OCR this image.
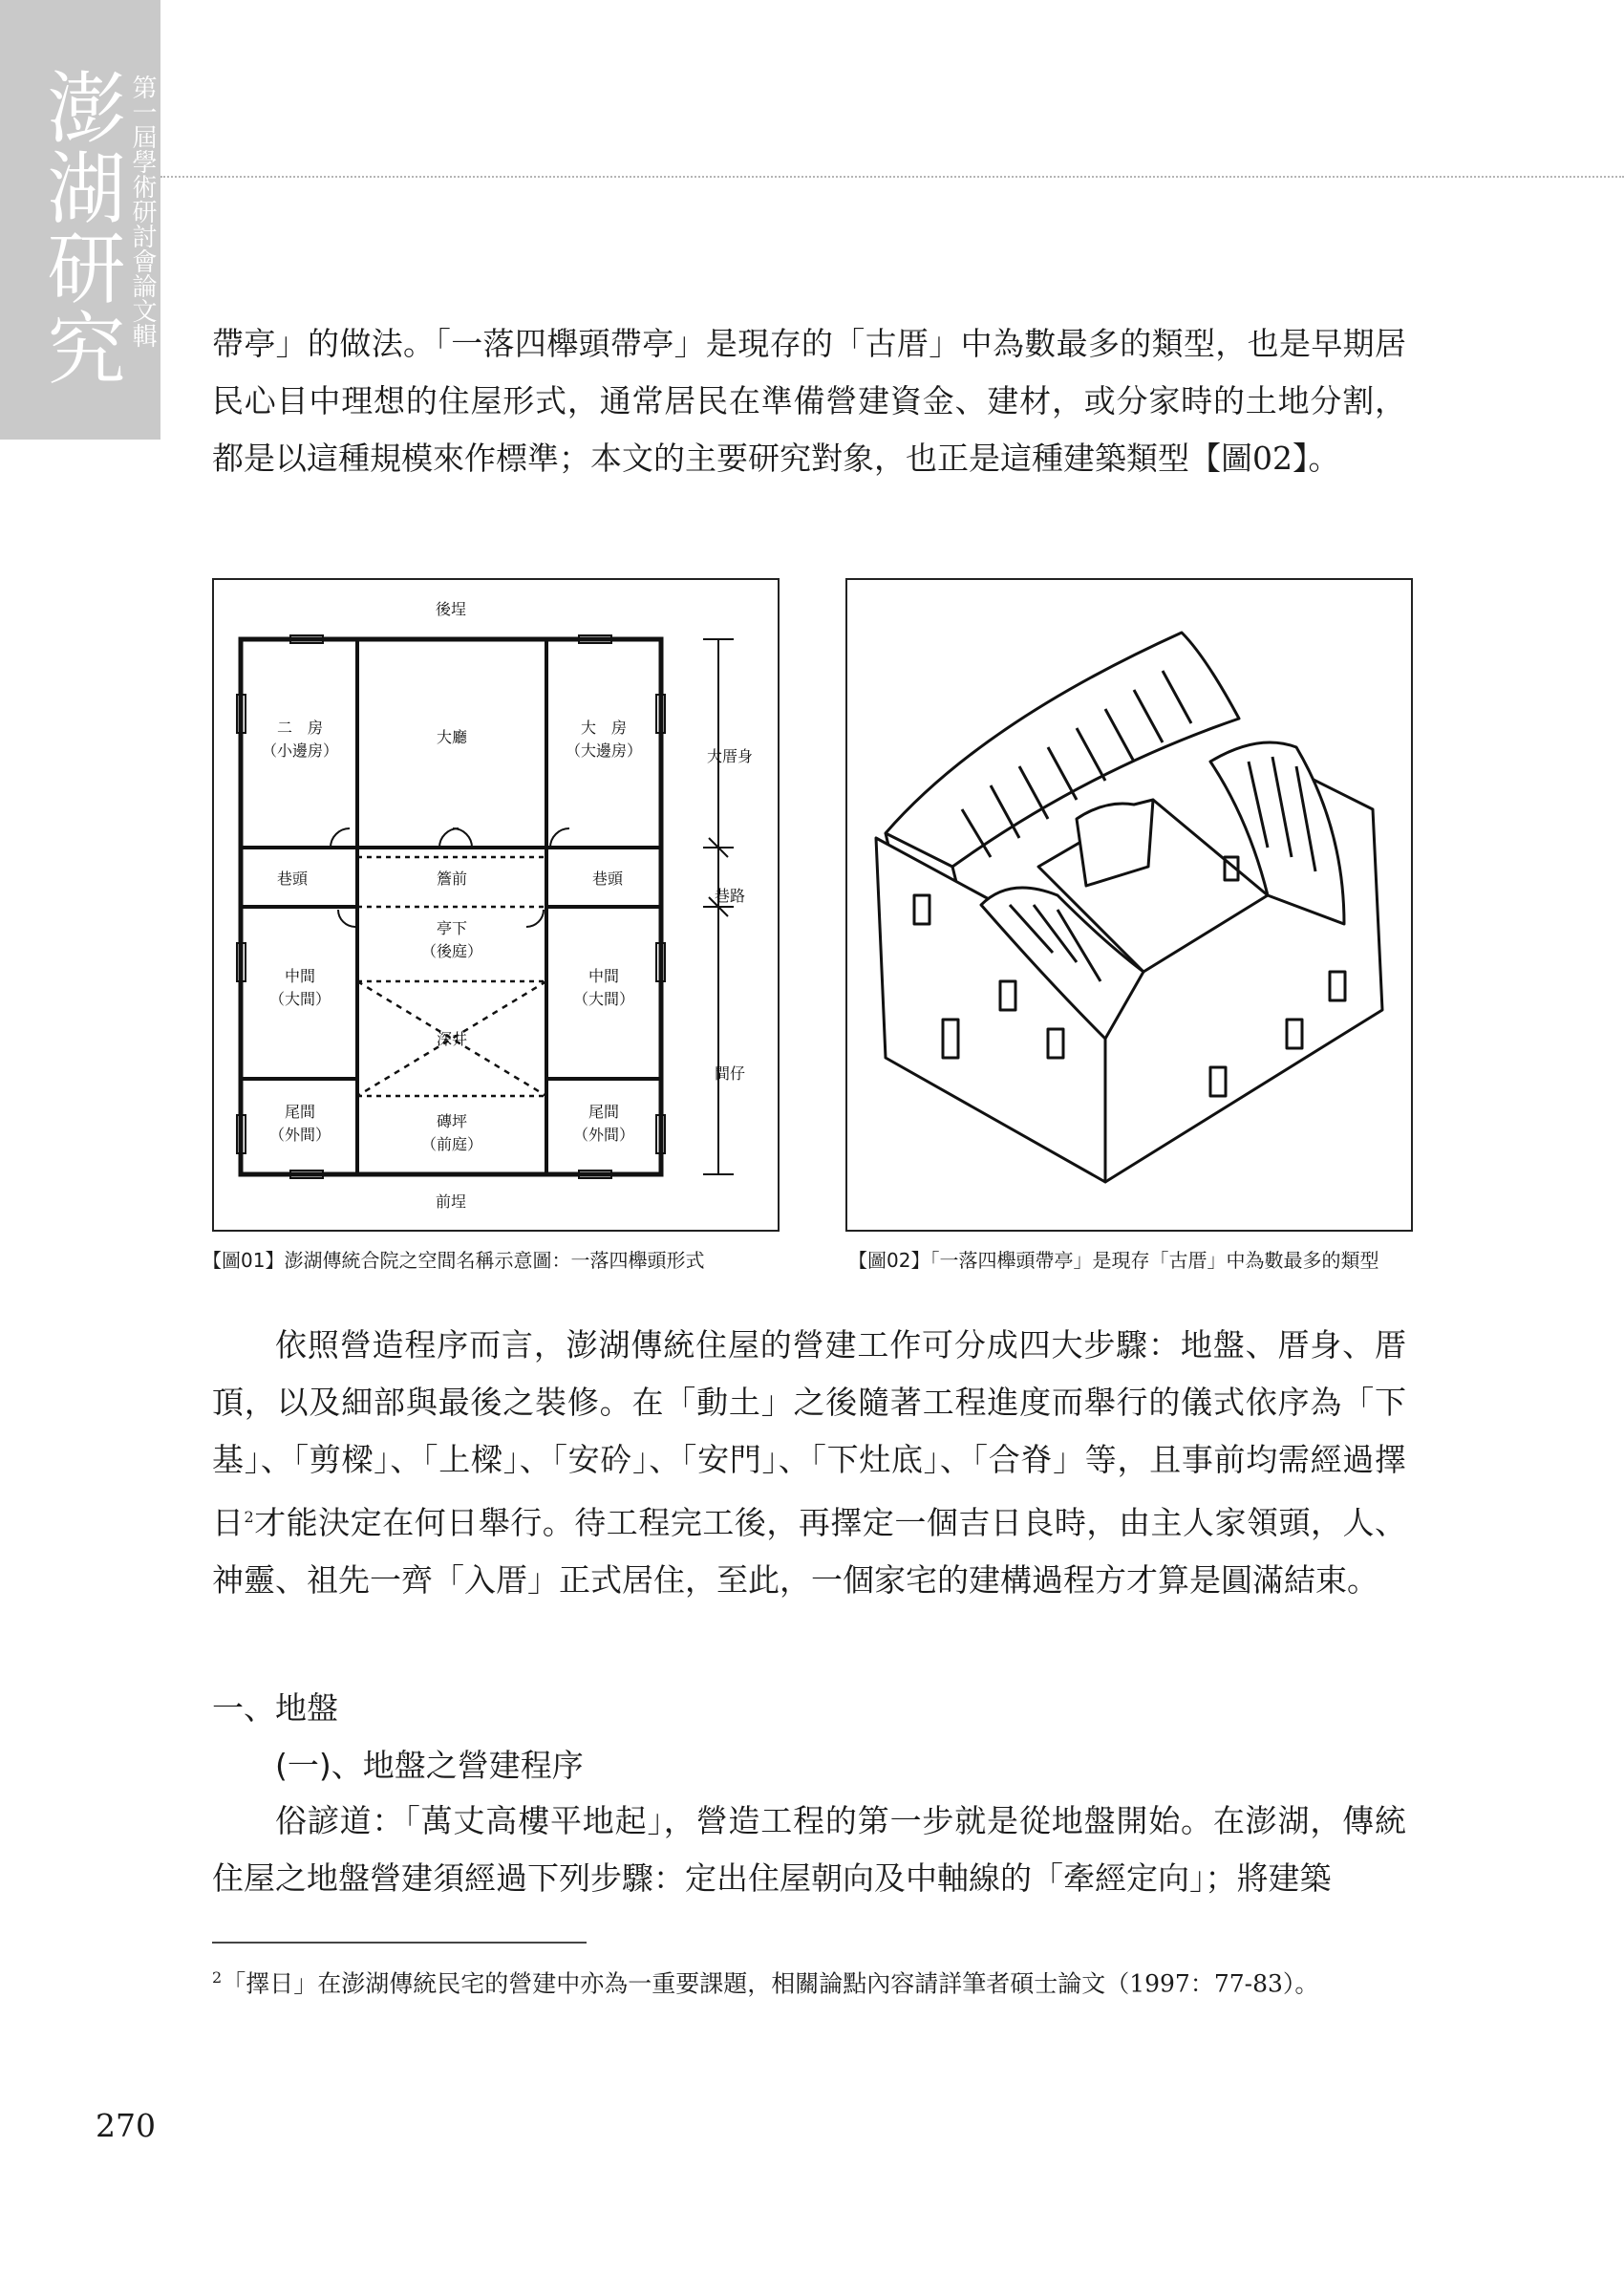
澎湖研究 第一屆學術研討會論文輯 帶亭」的做法。「一落四櫸頭帶亭」是現存的「古厝」中為數最多的類型，也是早期居民心目中理想的住屋形式，通常居民在準備營建資金、建材，或分家時的土地分割，都是以這種規模來作標準；本文的主要研究對象，也正是這種建築類型【圖02】。

後埕
前埕
二　房
（小邊房）
大廳
大　房
（大邊房）
巷頭	巷頭
簷前
亭下
（後庭）
中間
（大間）
中間
（大間）
深井
尾間
（外間）
尾間
（外間）
磚坪
（前庭）
大厝身
巷路
間仔
【圖01】澎湖傳統合院之空間名稱示意圖：一落四櫸頭形式	【圖02】「一落四櫸頭帶亭」是現存「古厝」中為數最多的類型
依照營造程序而言，澎湖傳統住屋的營建工作可分成四大步驟：地盤、厝身、厝頂，以及細部與最後之裝修。在「動土」之後隨著工程進度而舉行的儀式依序為「下基」、「剪樑」、「上樑」、「安砛」、「安門」、「下灶底」、「合脊」等，且事前均需經過擇日$^2$才能決定在何日舉行。待工程完工後，再擇定一個吉日良時，由主人家領頭，人、神靈、祖先一齊「入厝」正式居住，至此，一個家宅的建構過程方才算是圓滿結束。
一、地盤
(一)、地盤之營建程序

俗諺道：「萬丈高樓平地起」，營造工程的第一步就是從地盤開始。在澎湖，傳統住屋之地盤營建須經過下列步驟：定出住屋朝向及中軸線的「牽經定向」；將建築

$^2$「擇日」在澎湖傳統民宅的營建中亦為一重要課題，相關論點內容請詳筆者碩士論文（1997：77-83）。
270
